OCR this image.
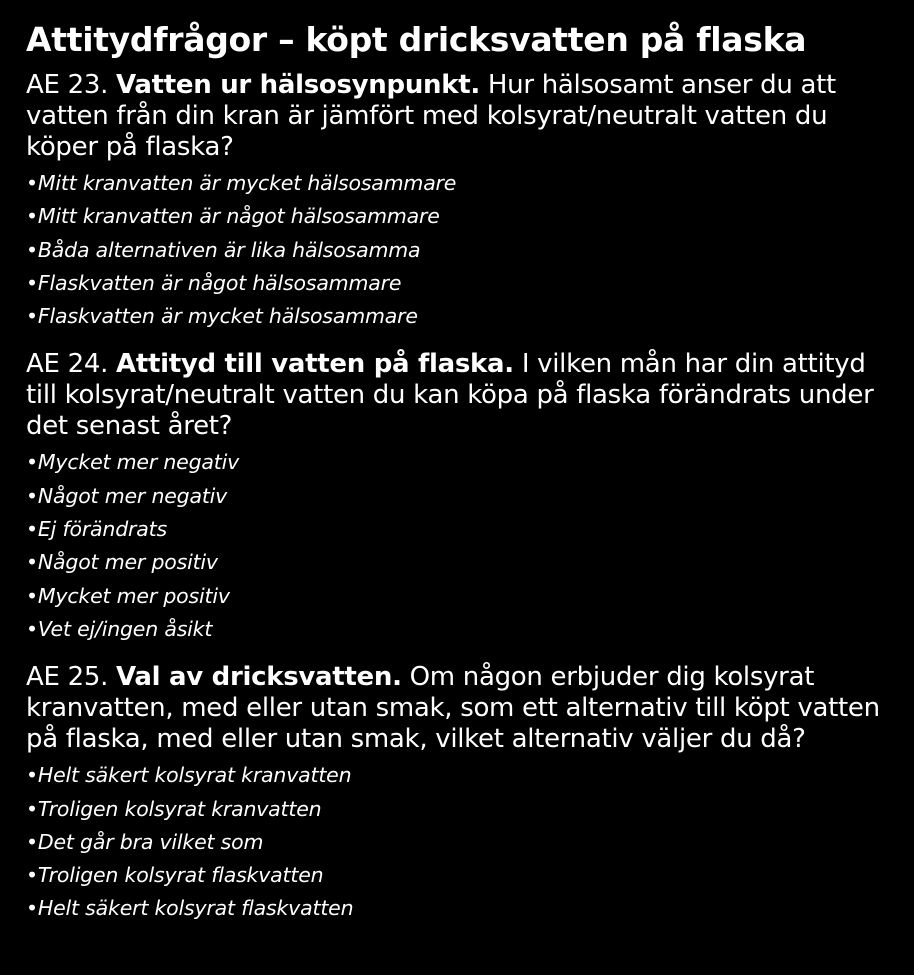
Attitydfrågor – köpt dricksvatten på flaska

AE 23. Vatten ur hälsosynpunkt. Hur hälsosamt anser du att vatten från din kran är jämfört med kolsyrat/neutralt vatten du köper på flaska?

•Mitt kranvatten är mycket hälsosammare
•Mitt kranvatten är något hälsosammare
•Båda alternativen är lika hälsosamma
•Flaskvatten är något hälsosammare
•Flaskvatten är mycket hälsosammare

AE 24. Attityd till vatten på flaska. I vilken mån har din attityd till kolsyrat/neutralt vatten du kan köpa på flaska förändrats under det senast året?

•Mycket mer negativ
•Något mer negativ
•Ej förändrats
•Något mer positiv
•Mycket mer positiv
•Vet ej/ingen åsikt

AE 25. Val av dricksvatten. Om någon erbjuder dig kolsyrat kranvatten, med eller utan smak, som ett alternativ till köpt vatten på flaska, med eller utan smak, vilket alternativ väljer du då?

•Helt säkert kolsyrat kranvatten
•Troligen kolsyrat kranvatten
•Det går bra vilket som
•Troligen kolsyrat flaskvatten
•Helt säkert kolsyrat flaskvatten
